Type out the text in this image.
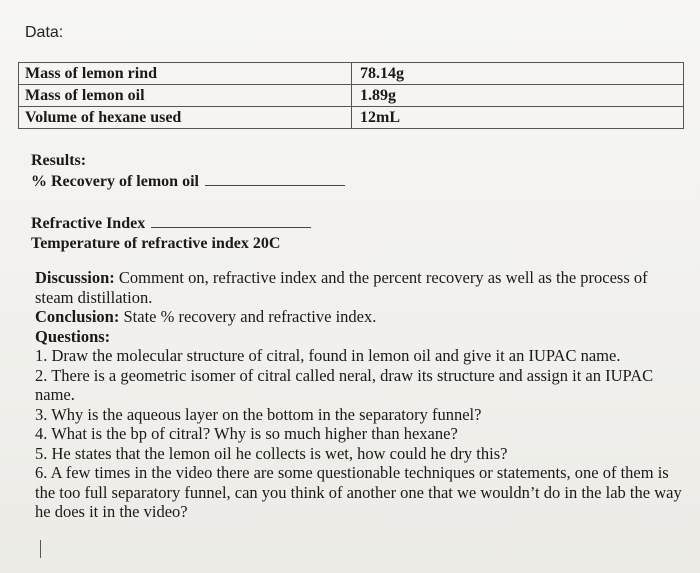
Data:
Mass of lemon rind	78.14g
Mass of lemon oil	1.89g
Volume of hexane used	12mL
Results:
% Recovery of lemon oil
Refractive Index
Temperature of refractive index 20C

Discussion: Comment on, refractive index and the percent recovery as well as the process of steam distillation.

Conclusion: State % recovery and refractive index.

Questions:

1. Draw the molecular structure of citral, found in lemon oil and give it an IUPAC name.
2. There is a geometric isomer of citral called neral, draw its structure and assign it an IUPAC name.
3. Why is the aqueous layer on the bottom in the separatory funnel?
4. What is the bp of citral? Why is so much higher than hexane?
5. He states that the lemon oil he collects is wet, how could he dry this?
6. A few times in the video there are some questionable techniques or statements, one of them is the too full separatory funnel, can you think of another one that we wouldn’t do in the lab the way he does it in the video?
